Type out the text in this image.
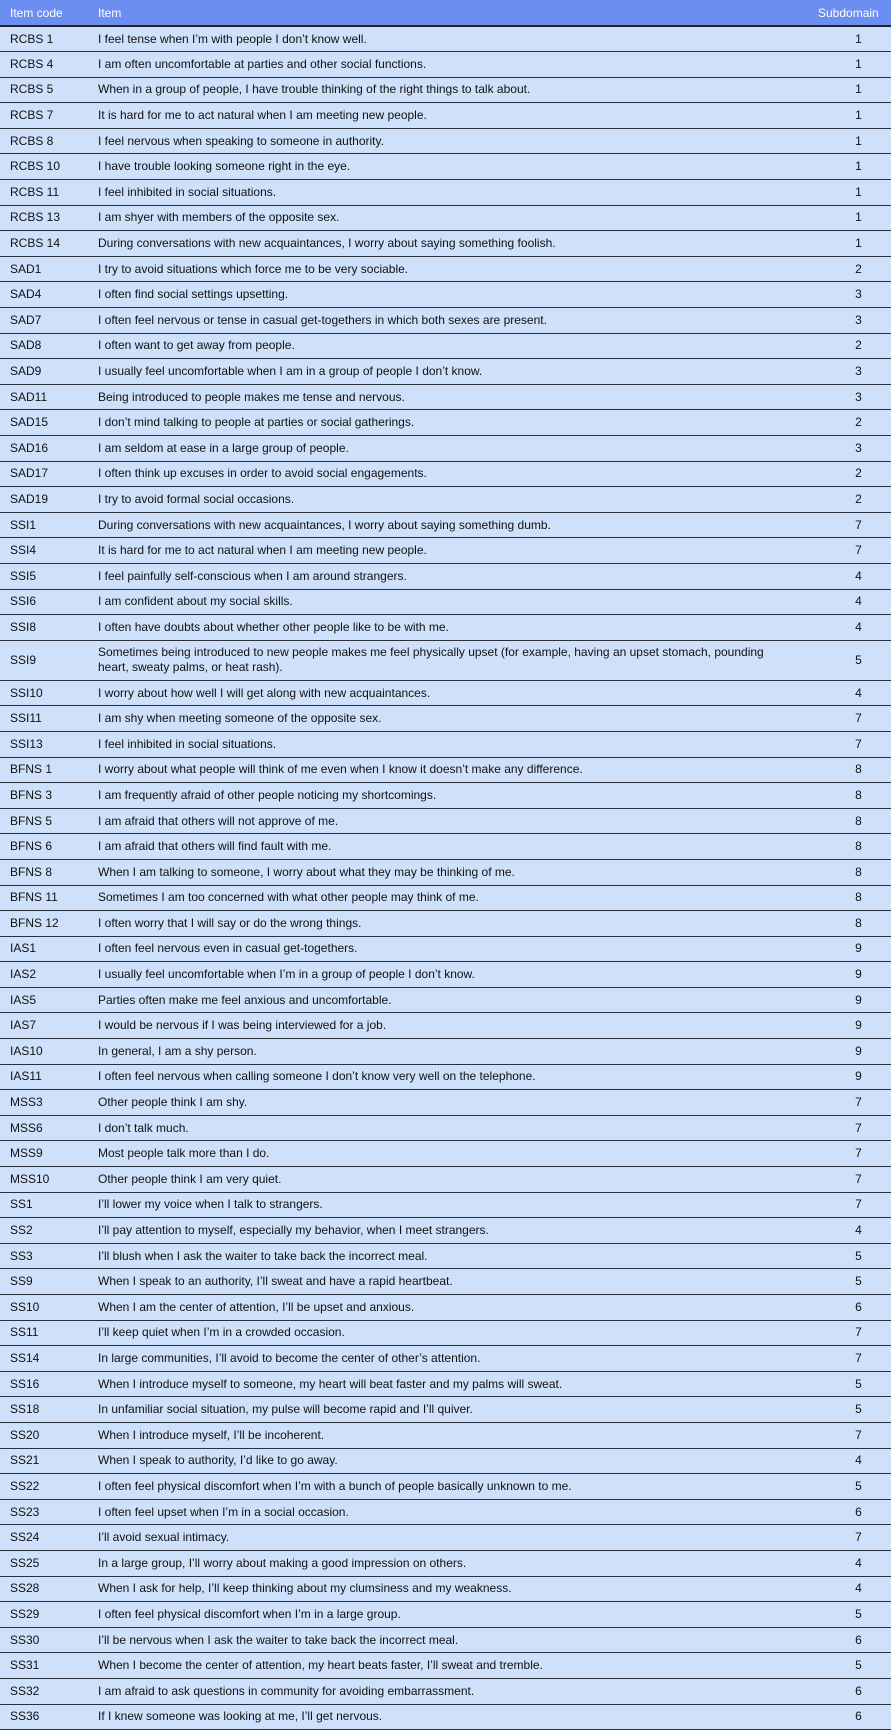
Item code	Item	Subdomain
RCBS 1	I feel tense when I’m with people I don’t know well.	1
RCBS 4	I am often uncomfortable at parties and other social functions.	1
RCBS 5	When in a group of people, I have trouble thinking of the right things to talk about.	1
RCBS 7	It is hard for me to act natural when I am meeting new people.	1
RCBS 8	I feel nervous when speaking to someone in authority.	1
RCBS 10	I have trouble looking someone right in the eye.	1
RCBS 11	I feel inhibited in social situations.	1
RCBS 13	I am shyer with members of the opposite sex.	1
RCBS 14	During conversations with new acquaintances, I worry about saying something foolish.	1
SAD1	I try to avoid situations which force me to be very sociable.	2
SAD4	I often find social settings upsetting.	3
SAD7	I often feel nervous or tense in casual get-togethers in which both sexes are present.	3
SAD8	I often want to get away from people.	2
SAD9	I usually feel uncomfortable when I am in a group of people I don’t know.	3
SAD11	Being introduced to people makes me tense and nervous.	3
SAD15	I don’t mind talking to people at parties or social gatherings.	2
SAD16	I am seldom at ease in a large group of people.	3
SAD17	I often think up excuses in order to avoid social engagements.	2
SAD19	I try to avoid formal social occasions.	2
SSI1	During conversations with new acquaintances, I worry about saying something dumb.	7
SSI4	It is hard for me to act natural when I am meeting new people.	7
SSI5	I feel painfully self-conscious when I am around strangers.	4
SSI6	I am confident about my social skills.	4
SSI8	I often have doubts about whether other people like to be with me.	4
SSI9	Sometimes being introduced to new people makes me feel physically upset (for example, having an upset stomach, pounding heart, sweaty palms, or heat rash).	5
SSI10	I worry about how well I will get along with new acquaintances.	4
SSI11	I am shy when meeting someone of the opposite sex.	7
SSI13	I feel inhibited in social situations.	7
BFNS 1	I worry about what people will think of me even when I know it doesn’t make any difference.	8
BFNS 3	I am frequently afraid of other people noticing my shortcomings.	8
BFNS 5	I am afraid that others will not approve of me.	8
BFNS 6	I am afraid that others will find fault with me.	8
BFNS 8	When I am talking to someone, I worry about what they may be thinking of me.	8
BFNS 11	Sometimes I am too concerned with what other people may think of me.	8
BFNS 12	I often worry that I will say or do the wrong things.	8
IAS1	I often feel nervous even in casual get-togethers.	9
IAS2	I usually feel uncomfortable when I’m in a group of people I don’t know.	9
IAS5	Parties often make me feel anxious and uncomfortable.	9
IAS7	I would be nervous if I was being interviewed for a job.	9
IAS10	In general, I am a shy person.	9
IAS11	I often feel nervous when calling someone I don’t know very well on the telephone.	9
MSS3	Other people think I am shy.	7
MSS6	I don’t talk much.	7
MSS9	Most people talk more than I do.	7
MSS10	Other people think I am very quiet.	7
SS1	I’ll lower my voice when I talk to strangers.	7
SS2	I’ll pay attention to myself, especially my behavior, when I meet strangers.	4
SS3	I’ll blush when I ask the waiter to take back the incorrect meal.	5
SS9	When I speak to an authority, I’ll sweat and have a rapid heartbeat.	5
SS10	When I am the center of attention, I’ll be upset and anxious.	6
SS11	I’ll keep quiet when I’m in a crowded occasion.	7
SS14	In large communities, I’ll avoid to become the center of other’s attention.	7
SS16	When I introduce myself to someone, my heart will beat faster and my palms will sweat.	5
SS18	In unfamiliar social situation, my pulse will become rapid and I’ll quiver.	5
SS20	When I introduce myself, I’ll be incoherent.	7
SS21	When I speak to authority, I’d like to go away.	4
SS22	I often feel physical discomfort when I’m with a bunch of people basically unknown to me.	5
SS23	I often feel upset when I’m in a social occasion.	6
SS24	I’ll avoid sexual intimacy.	7
SS25	In a large group, I’ll worry about making a good impression on others.	4
SS28	When I ask for help, I’ll keep thinking about my clumsiness and my weakness.	4
SS29	I often feel physical discomfort when I’m in a large group.	5
SS30	I’ll be nervous when I ask the waiter to take back the incorrect meal.	6
SS31	When I become the center of attention, my heart beats faster, I’ll sweat and tremble.	5
SS32	I am afraid to ask questions in community for avoiding embarrassment.	6
SS36	If I knew someone was looking at me, I’ll get nervous.	6
